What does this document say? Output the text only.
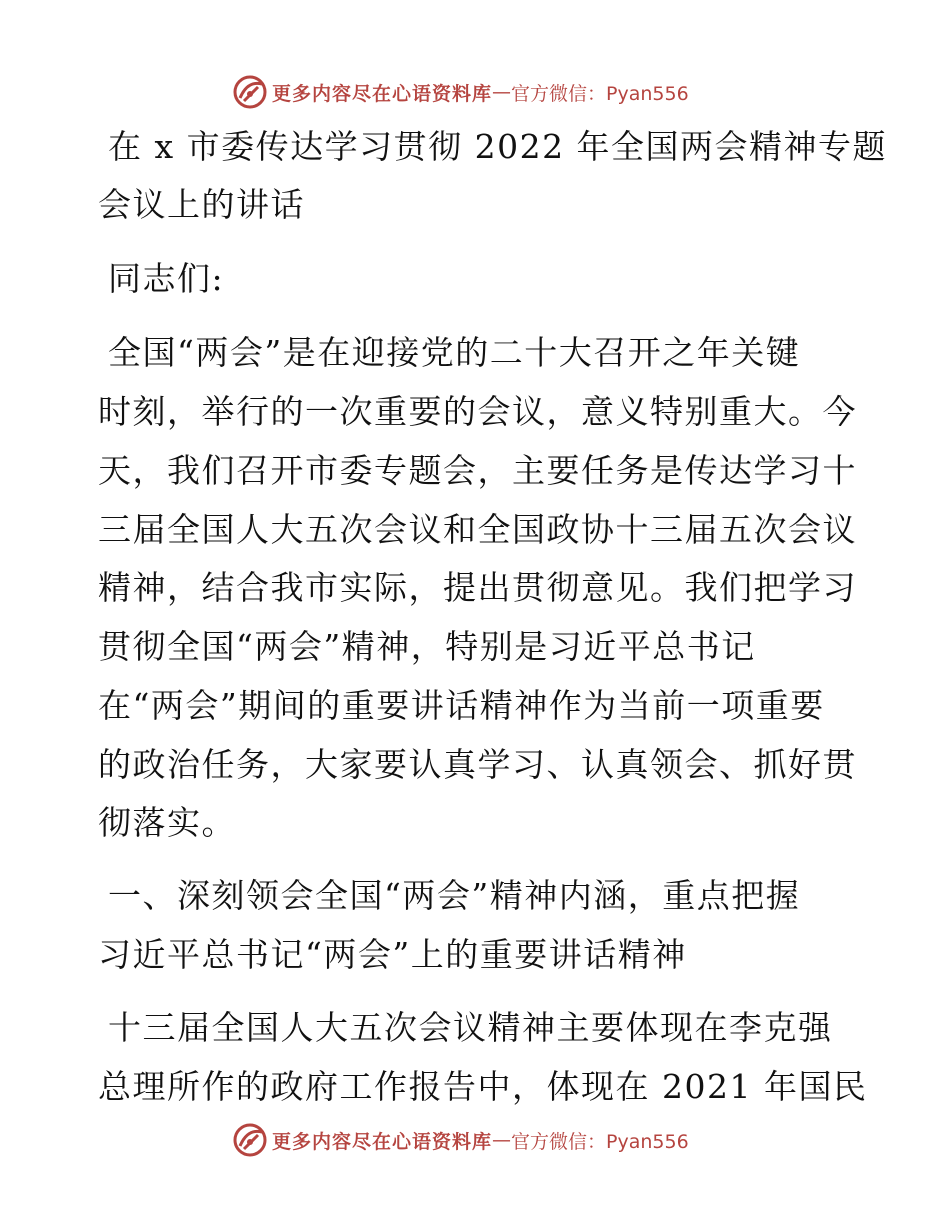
更多内容尽在心语资料库 — 官方微信：Pyan556
在 x 市委传达学习贯彻 2022 年全国两会精神专题
会议上的讲话
同志们:
全国“两会”是在迎接党的二十大召开之年关键
时刻，举行的一次重要的会议，意义特别重大。今
天，我们召开市委专题会，主要任务是传达学习十
三届全国人大五次会议和全国政协十三届五次会议
精神，结合我市实际，提出贯彻意见。我们把学习
贯彻全国“两会”精神，特别是习近平总书记
在“两会”期间的重要讲话精神作为当前一项重要
的政治任务，大家要认真学习、认真领会、抓好贯
彻落实。
一、深刻领会全国“两会”精神内涵，重点把握
习近平总书记“两会”上的重要讲话精神
十三届全国人大五次会议精神主要体现在李克强
总理所作的政府工作报告中，体现在 2021 年国民
更多内容尽在心语资料库 — 官方微信：Pyan556
